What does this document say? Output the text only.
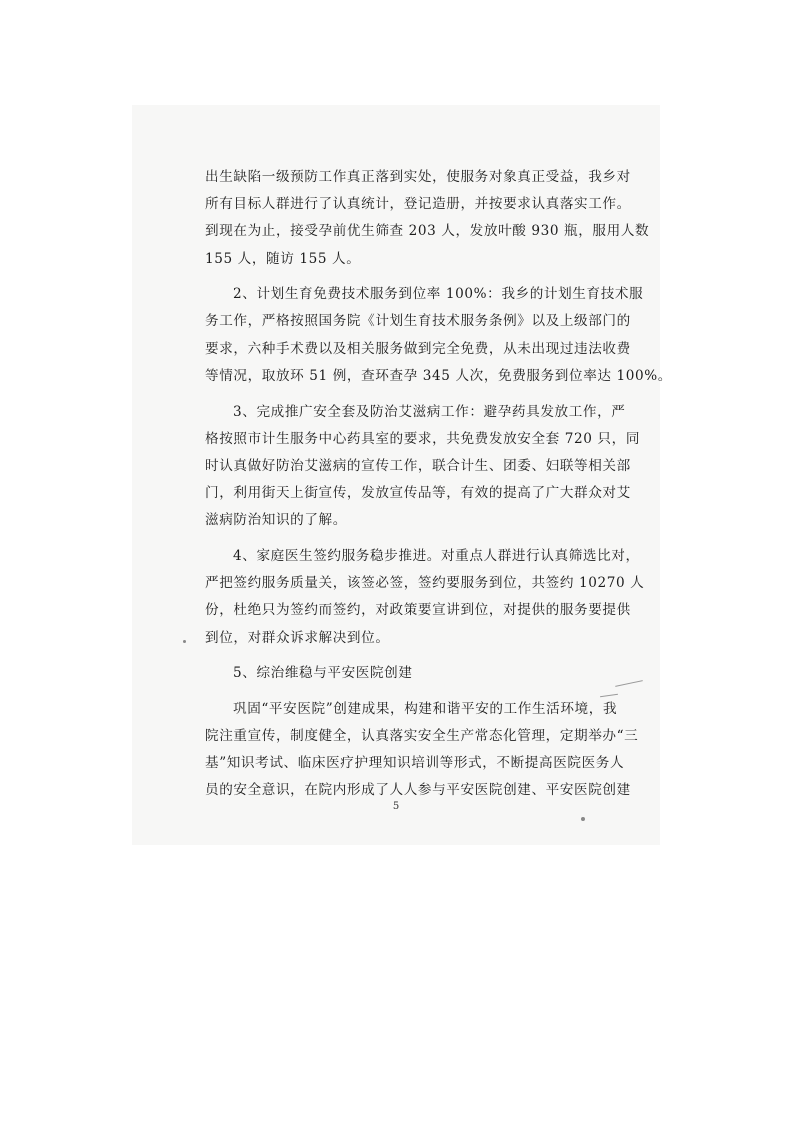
出生缺陷一级预防工作真正落到实处，使服务对象真正受益，我乡对
所有目标人群进行了认真统计，登记造册，并按要求认真落实工作。
到现在为止，接受孕前优生筛查 203 人，发放叶酸 930 瓶，服用人数
155 人，随访 155 人。
2、计划生育免费技术服务到位率 100%：我乡的计划生育技术服
务工作，严格按照国务院《计划生育技术服务条例》以及上级部门的
要求，六种手术费以及相关服务做到完全免费，从未出现过违法收费
等情况，取放环 51 例，查环查孕 345 人次，免费服务到位率达 100%。
3、完成推广安全套及防治艾滋病工作：避孕药具发放工作，严
格按照市计生服务中心药具室的要求，共免费发放安全套 720 只，同
时认真做好防治艾滋病的宣传工作，联合计生、团委、妇联等相关部
门，利用街天上街宣传，发放宣传品等，有效的提高了广大群众对艾
滋病防治知识的了解。
4、家庭医生签约服务稳步推进。对重点人群进行认真筛选比对，
严把签约服务质量关，该签必签，签约要服务到位，共签约 10270 人
份，杜绝只为签约而签约，对政策要宣讲到位，对提供的服务要提供
到位，对群众诉求解决到位。
5、综治维稳与平安医院创建
巩固“平安医院”创建成果，构建和谐平安的工作生活环境，我
院注重宣传，制度健全，认真落实安全生产常态化管理，定期举办“三
基”知识考试、临床医疗护理知识培训等形式，不断提高医院医务人
员的安全意识，在院内形成了人人参与平安医院创建、平安医院创建
5
